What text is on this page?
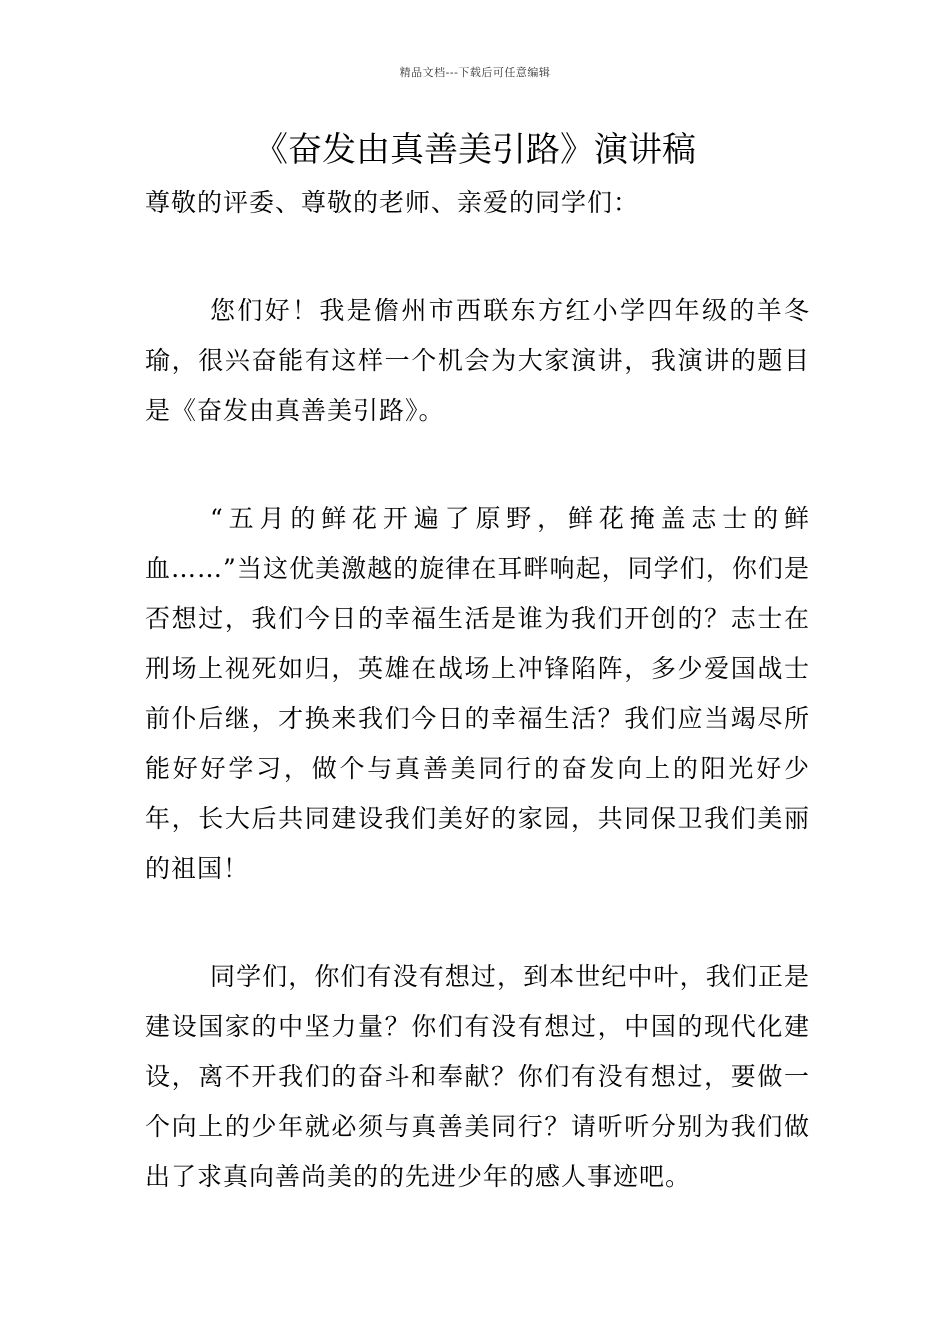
精品文档---下载后可任意编辑
《奋发由真善美引路》演讲稿

尊敬的评委、尊敬的老师、亲爱的同学们：

您们好！我是儋州市西联东方红小学四年级的羊冬瑜，很兴奋能有这样一个机会为大家演讲，我演讲的题目是《奋发由真善美引路》。

“五月的鲜花开遍了原野，鲜花掩盖志士的鲜血……”当这优美激越的旋律在耳畔响起，同学们，你们是否想过，我们今日的幸福生活是谁为我们开创的？志士在刑场上视死如归，英雄在战场上冲锋陷阵，多少爱国战士前仆后继，才换来我们今日的幸福生活？我们应当竭尽所能好好学习，做个与真善美同行的奋发向上的阳光好少年，长大后共同建设我们美好的家园，共同保卫我们美丽的祖国！

同学们，你们有没有想过，到本世纪中叶，我们正是建设国家的中坚力量？你们有没有想过，中国的现代化建设，离不开我们的奋斗和奉献？你们有没有想过，要做一个向上的少年就必须与真善美同行？请听听分别为我们做出了求真向善尚美的的先进少年的感人事迹吧。
